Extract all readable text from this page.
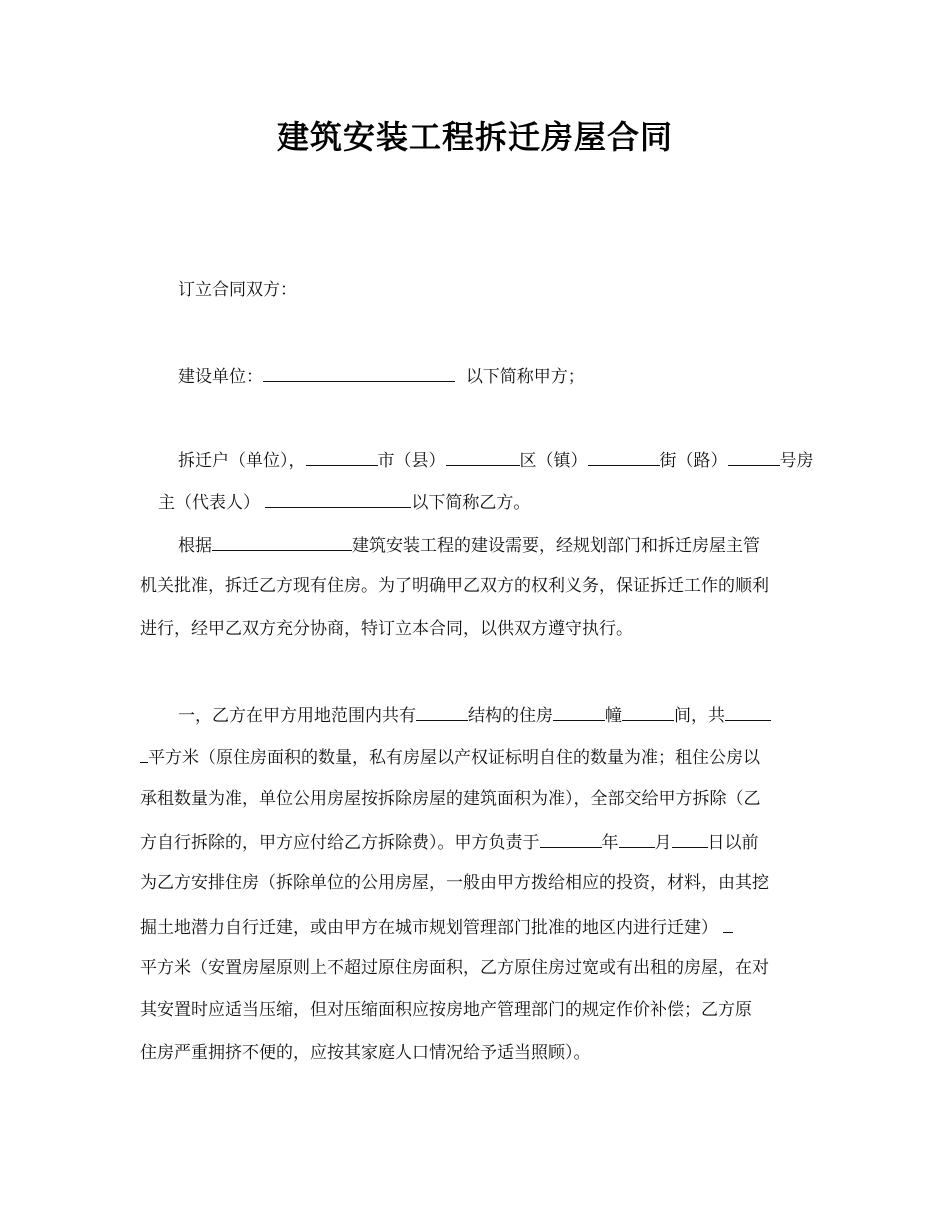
建筑安装工程拆迁房屋合同
订立合同双方：
建设单位：	以下简称甲方；
拆迁户（单位），	市（县）	区（镇）	街（路）	号房
主（代表人）	以下简称乙方。
根据	建筑安装工程的建设需要，经规划部门和拆迁房屋主管
机关批准，拆迁乙方现有住房。为了明确甲乙双方的权利义务，保证拆迁工作的顺利
进行，经甲乙双方充分协商，特订立本合同，以供双方遵守执行。
一，乙方在甲方用地范围内共有	结构的住房	幢	间，共
平方米（原住房面积的数量，私有房屋以产权证标明自住的数量为准；租住公房以
承租数量为准，单位公用房屋按拆除房屋的建筑面积为准），全部交给甲方拆除（乙
方自行拆除的，甲方应付给乙方拆除费）。甲方负责于	年 月 日以前
为乙方安排住房（拆除单位的公用房屋，一般由甲方拨给相应的投资，材料，由其挖
掘土地潜力自行迁建，或由甲方在城市规划管理部门批准的地区内进行迁建）
平方米（安置房屋原则上不超过原住房面积，乙方原住房过宽或有出租的房屋，在对
其安置时应适当压缩，但对压缩面积应按房地产管理部门的规定作价补偿；乙方原
住房严重拥挤不便的，应按其家庭人口情况给予适当照顾）。
